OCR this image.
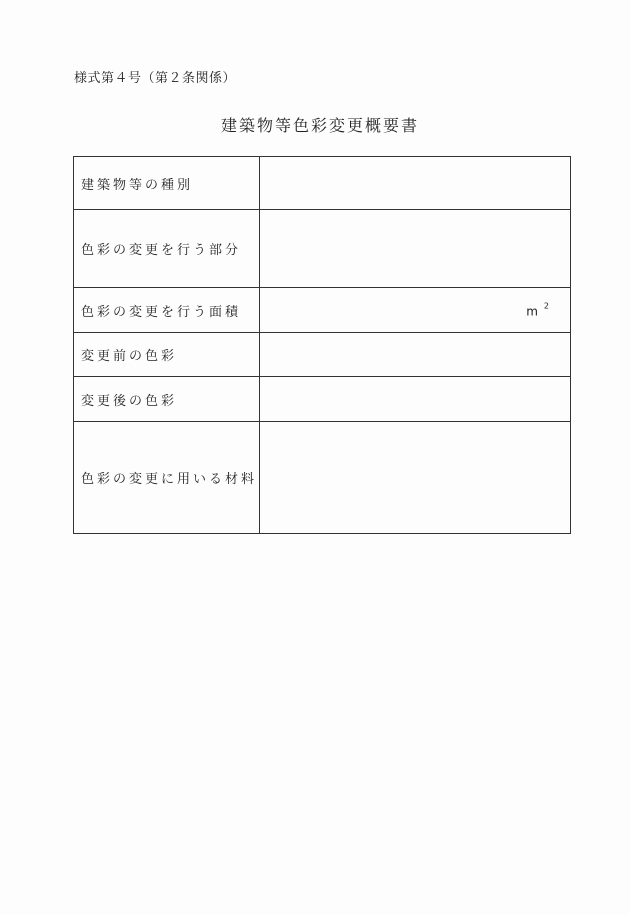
様式第４号（第２条関係）
建築物等色彩変更概要書
建築物等の種別	
色彩の変更を行う部分	
色彩の変更を行う面積	m $^2$

変更前の色彩	
変更後の色彩	
色彩の変更に用いる材料	
